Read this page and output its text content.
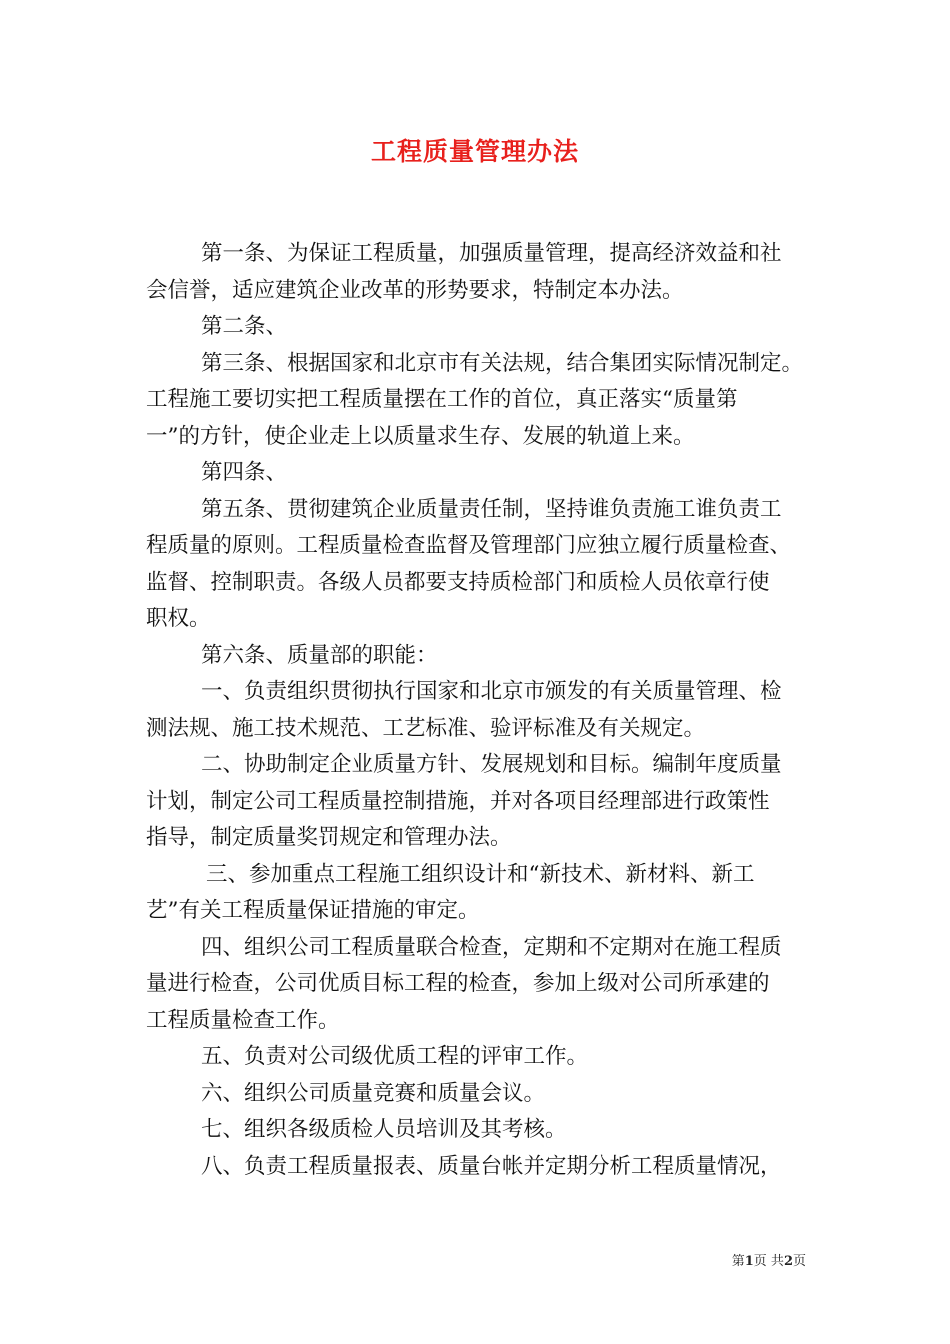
工程质量管理办法
第一条、为保证工程质量，加强质量管理，提高经济效益和社
会信誉，适应建筑企业改革的形势要求，特制定本办法。
第二条、
第三条、根据国家和北京市有关法规，结合集团实际情况制定。
工程施工要切实把工程质量摆在工作的首位，真正落实“质量第
一”的方针，使企业走上以质量求生存、发展的轨道上来。
第四条、
第五条、贯彻建筑企业质量责任制，坚持谁负责施工谁负责工
程质量的原则。工程质量检查监督及管理部门应独立履行质量检查、
监督、控制职责。各级人员都要支持质检部门和质检人员依章行使
职权。
第六条、质量部的职能：
一、负责组织贯彻执行国家和北京市颁发的有关质量管理、检
测法规、施工技术规范、工艺标准、验评标准及有关规定。
二、协助制定企业质量方针、发展规划和目标。编制年度质量
计划，制定公司工程质量控制措施，并对各项目经理部进行政策性
指导，制定质量奖罚规定和管理办法。
三、参加重点工程施工组织设计和“新技术、新材料、新工
艺”有关工程质量保证措施的审定。
四、组织公司工程质量联合检查，定期和不定期对在施工程质
量进行检查，公司优质目标工程的检查，参加上级对公司所承建的
工程质量检查工作。
五、负责对公司级优质工程的评审工作。
六、组织公司质量竞赛和质量会议。
七、组织各级质检人员培训及其考核。
八、负责工程质量报表、质量台帐并定期分析工程质量情况，
第1页 共2页
